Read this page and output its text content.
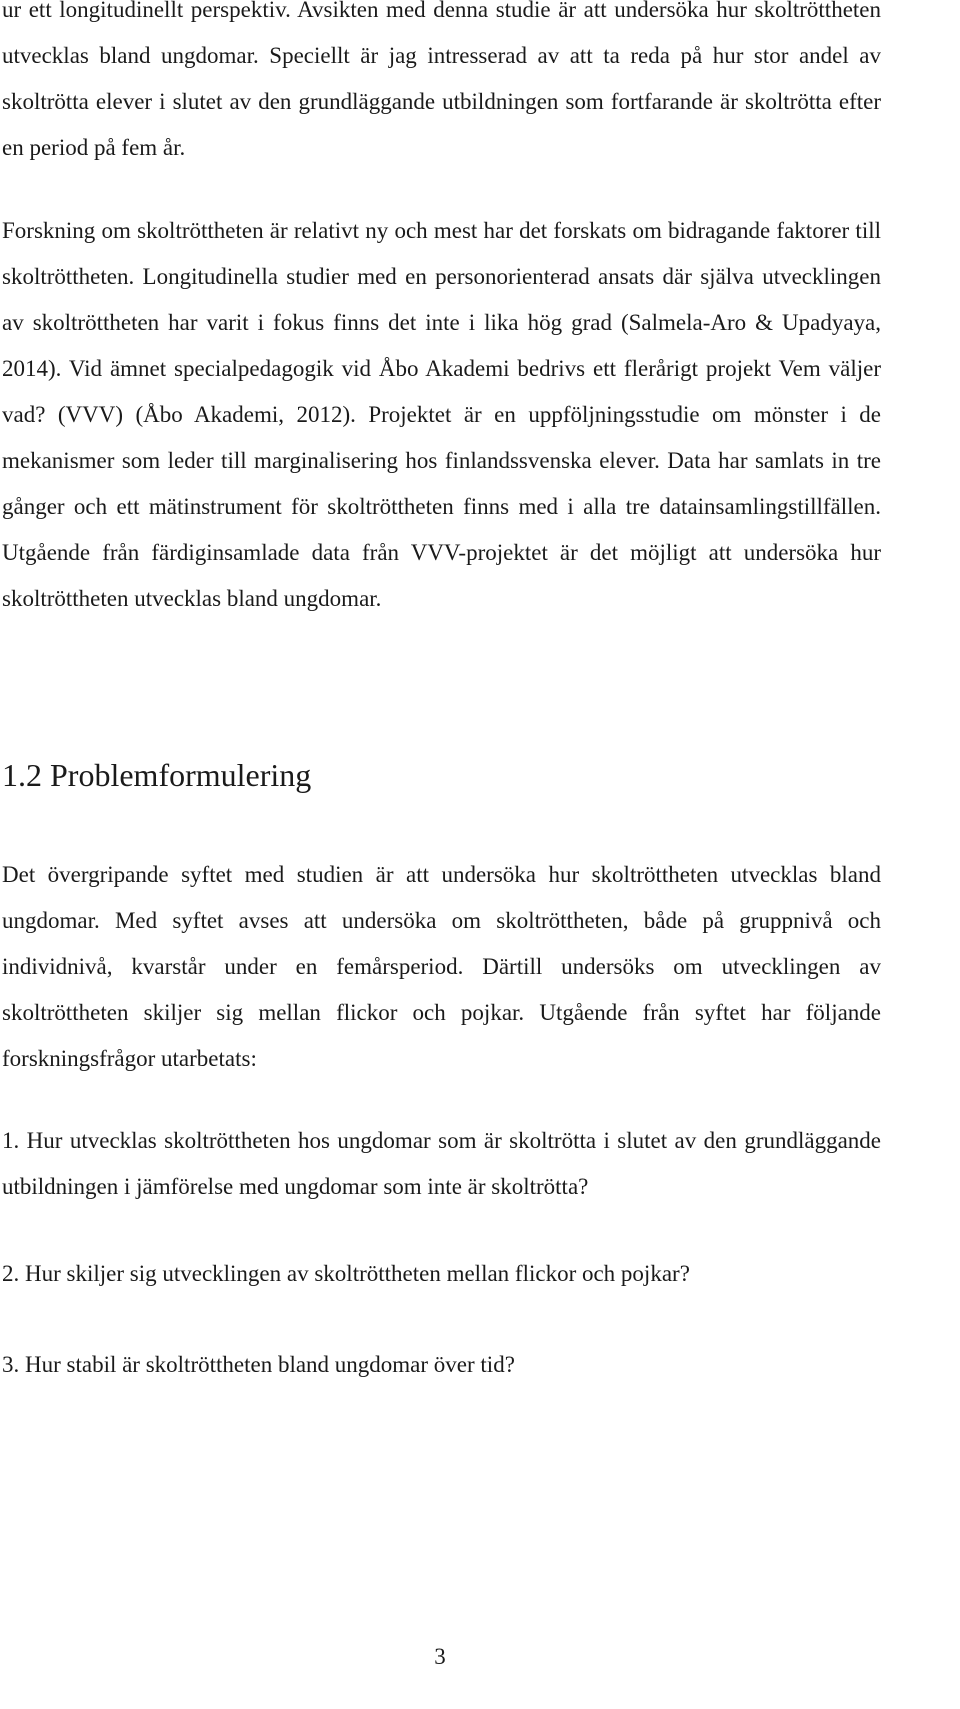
ur ett longitudinellt perspektiv. Avsikten med denna studie är att undersöka hur skoltröttheten utvecklas bland ungdomar. Speciellt är jag intresserad av att ta reda på hur stor andel av skoltrötta elever i slutet av den grundläggande utbildningen som fortfarande är skoltrötta efter en period på fem år.

Forskning om skoltröttheten är relativt ny och mest har det forskats om bidragande faktorer till skoltröttheten. Longitudinella studier med en personorienterad ansats där själva utvecklingen av skoltröttheten har varit i fokus finns det inte i lika hög grad (Salmela-Aro & Upadyaya, 2014). Vid ämnet specialpedagogik vid Åbo Akademi bedrivs ett flerårigt projekt Vem väljer vad? (VVV) (Åbo Akademi, 2012). Projektet är en uppföljningsstudie om mönster i de mekanismer som leder till marginalisering hos finlandssvenska elever. Data har samlats in tre gånger och ett mätinstrument för skoltröttheten finns med i alla tre datainsamlingstillfällen. Utgående från färdiginsamlade data från VVV-projektet är det möjligt att undersöka hur skoltröttheten utvecklas bland ungdomar.

1.2 Problemformulering

Det övergripande syftet med studien är att undersöka hur skoltröttheten utvecklas bland ungdomar. Med syftet avses att undersöka om skoltröttheten, både på gruppnivå och individnivå, kvarstår under en femårsperiod. Därtill undersöks om utvecklingen av skoltröttheten skiljer sig mellan flickor och pojkar. Utgående från syftet har följande forskningsfrågor utarbetats:

1. Hur utvecklas skoltröttheten hos ungdomar som är skoltrötta i slutet av den grundläggande utbildningen i jämförelse med ungdomar som inte är skoltrötta?

2. Hur skiljer sig utvecklingen av skoltröttheten mellan flickor och pojkar?

3. Hur stabil är skoltröttheten bland ungdomar över tid?

3
